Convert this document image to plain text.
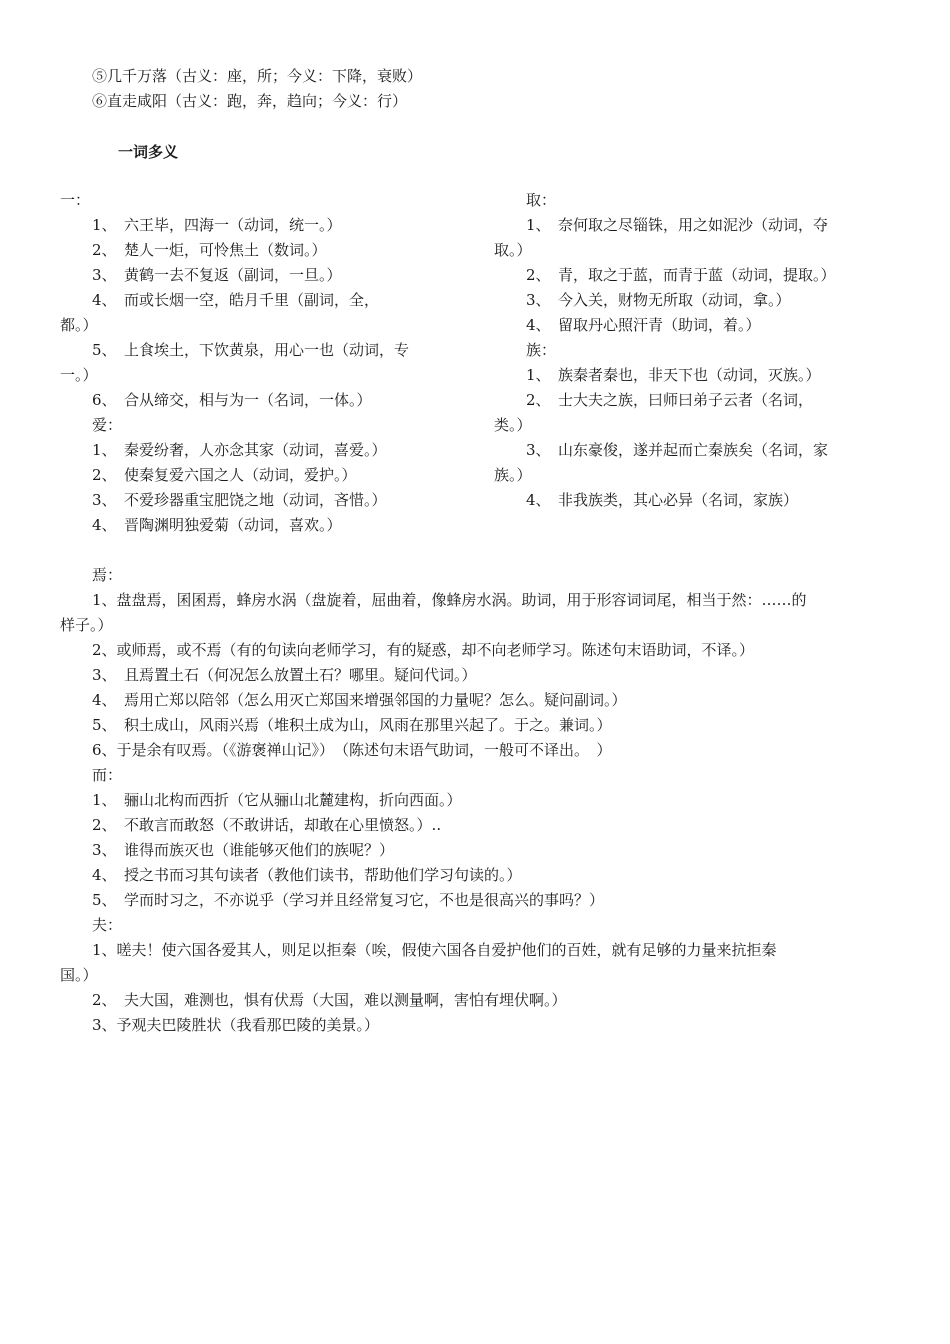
⑤几千万落（古义：座，所；今义：下降，衰败）
⑥直走咸阳（古义：跑，奔，趋向；今义：行）
一词多义
一：
1、　六王毕，四海一（动词，统一。）
2、　楚人一炬，可怜焦土（数词。）
3、　黄鹤一去不复返（副词，一旦。）
4、　而或长烟一空，皓月千里（副词，全，
都。）
5、　上食埃土，下饮黄泉，用心一也（动词，专
一。）
6、　合从缔交，相与为一（名词，一体。）
爱：
1、　秦爱纷奢，人亦念其家（动词，喜爱。）
2、　使秦复爱六国之人（动词，爱护。）
3、　不爱珍器重宝肥饶之地（动词，吝惜。）
4、　晋陶渊明独爱菊（动词，喜欢。）
取：
1、　奈何取之尽锱铢，用之如泥沙（动词，夺
取。）
2、　青，取之于蓝，而青于蓝（动词，提取。）
3、　今入关，财物无所取（动词，拿。）
4、　留取丹心照汗青（助词，着。）
族：
1、　族秦者秦也，非天下也（动词，灭族。）
2、　士大夫之族，曰师曰弟子云者（名词，
类。）
3、　山东豪俊，遂并起而亡秦族矣（名词，家
族。）
4、　非我族类，其心必异（名词，家族）
焉：
1、盘盘焉，囷囷焉，蜂房水涡（盘旋着，屈曲着，像蜂房水涡。助词，用于形容词词尾，相当于然：……的
样子。）
2、或师焉，或不焉（有的句读向老师学习，有的疑惑，却不向老师学习。陈述句末语助词，不译。）
3、　且焉置土石（何况怎么放置土石？哪里。疑问代词。）
4、　焉用亡郑以陪邻（怎么用灭亡郑国来增强邻国的力量呢？怎么。疑问副词。）
5、　积土成山，风雨兴焉（堆积土成为山，风雨在那里兴起了。于之。兼词。）
6、于是余有叹焉。（《游褒禅山记》）　（陈述句末语气助词，一般可不译出。　）
而：
1、　骊山北构而西折（它从骊山北麓建构，折向西面。）
2、　不敢言而敢怒（不敢讲话，却敢在心里愤怒。）..
3、　谁得而族灭也（谁能够灭他们的族呢？）
4、　授之书而习其句读者（教他们读书，帮助他们学习句读的。）
5、　学而时习之，不亦说乎（学习并且经常复习它，不也是很高兴的事吗？）
夫：
1、嗟夫！使六国各爱其人，则足以拒秦（唉，假使六国各自爱护他们的百姓，就有足够的力量来抗拒秦
国。）
2、　夫大国，难测也，惧有伏焉（大国，难以测量啊，害怕有埋伏啊。）
3、予观夫巴陵胜状（我看那巴陵的美景。）
